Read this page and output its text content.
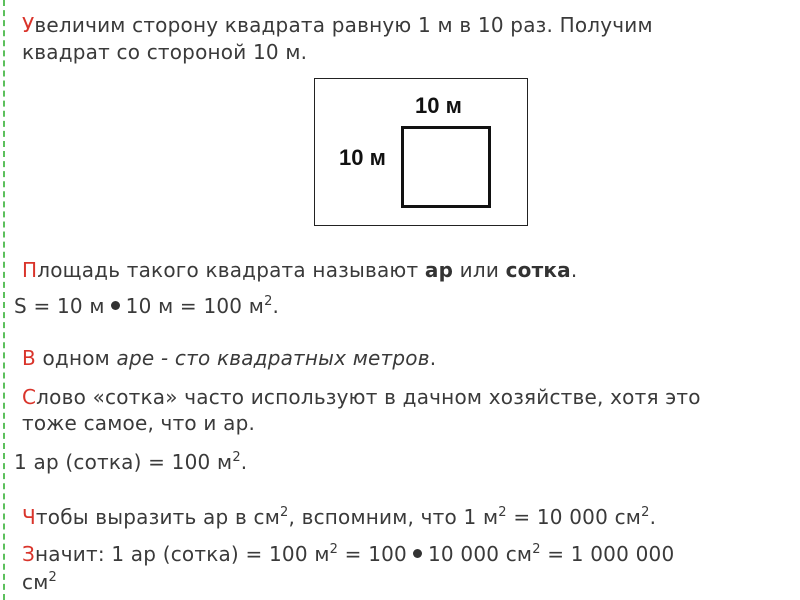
Увеличим сторону квадрата равную 1 м в 10 раз. Получим
квадрат со стороной 10 м.
10 м
10 м
Площадь такого квадрата называют ар или сотка.
S = 10 м 10 м = 100 $м^2$.
В одном аре - сто квадратных метров.
Слово «сотка» часто используют в дачном хозяйстве, хотя это
тоже самое, что и ар.
1 ар (сотка) = 100 $м^2$.
Чтобы выразить ар в $см^2$, вспомним, что 1 $м^2 = 10$ 000 $см^2$.
Значит: 1 ар (сотка) = 100 $м^2 = 100$ 10 000 $см^2 = 1$ 000 000
$см^2$
